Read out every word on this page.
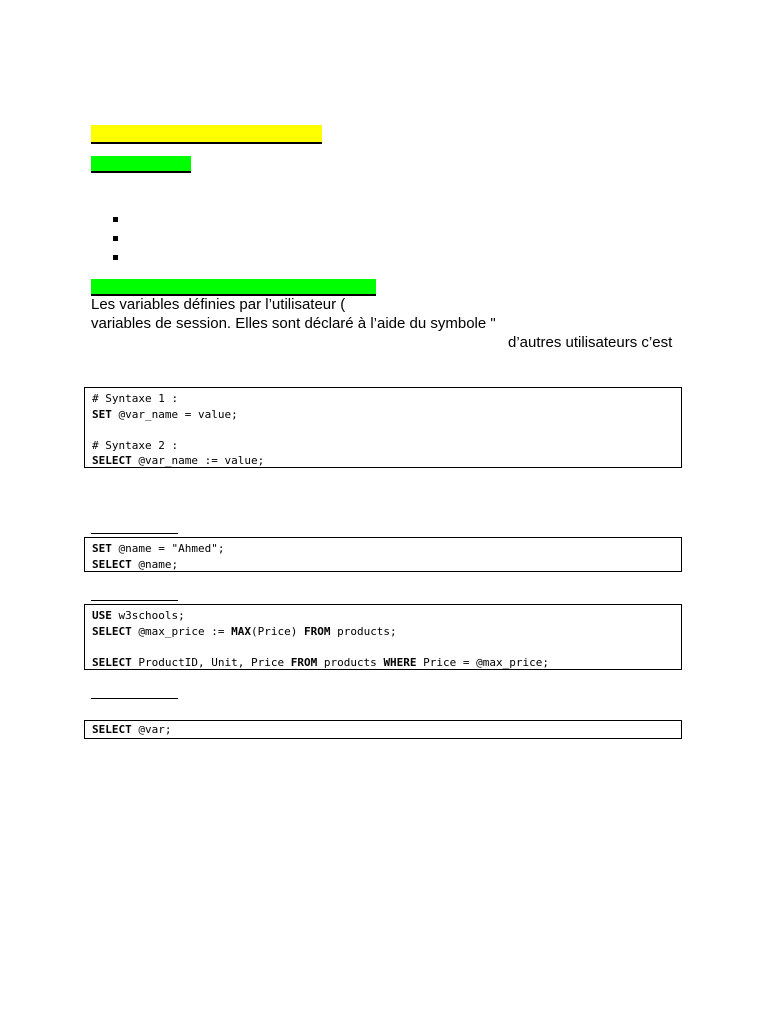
Les variables définies par l’utilisateur (
variables de session. Elles sont déclaré à l’aide du symbole "
d’autres utilisateurs c’est
# Syntaxe 1 :
SET @var_name = value;
# Syntaxe 2 :
SELECT @var_name := value;
SET @name = "Ahmed";
SELECT @name;
USE w3schools;
SELECT @max_price := MAX(Price) FROM products;
SELECT ProductID, Unit, Price FROM products WHERE Price = @max_price;
SELECT @var;
